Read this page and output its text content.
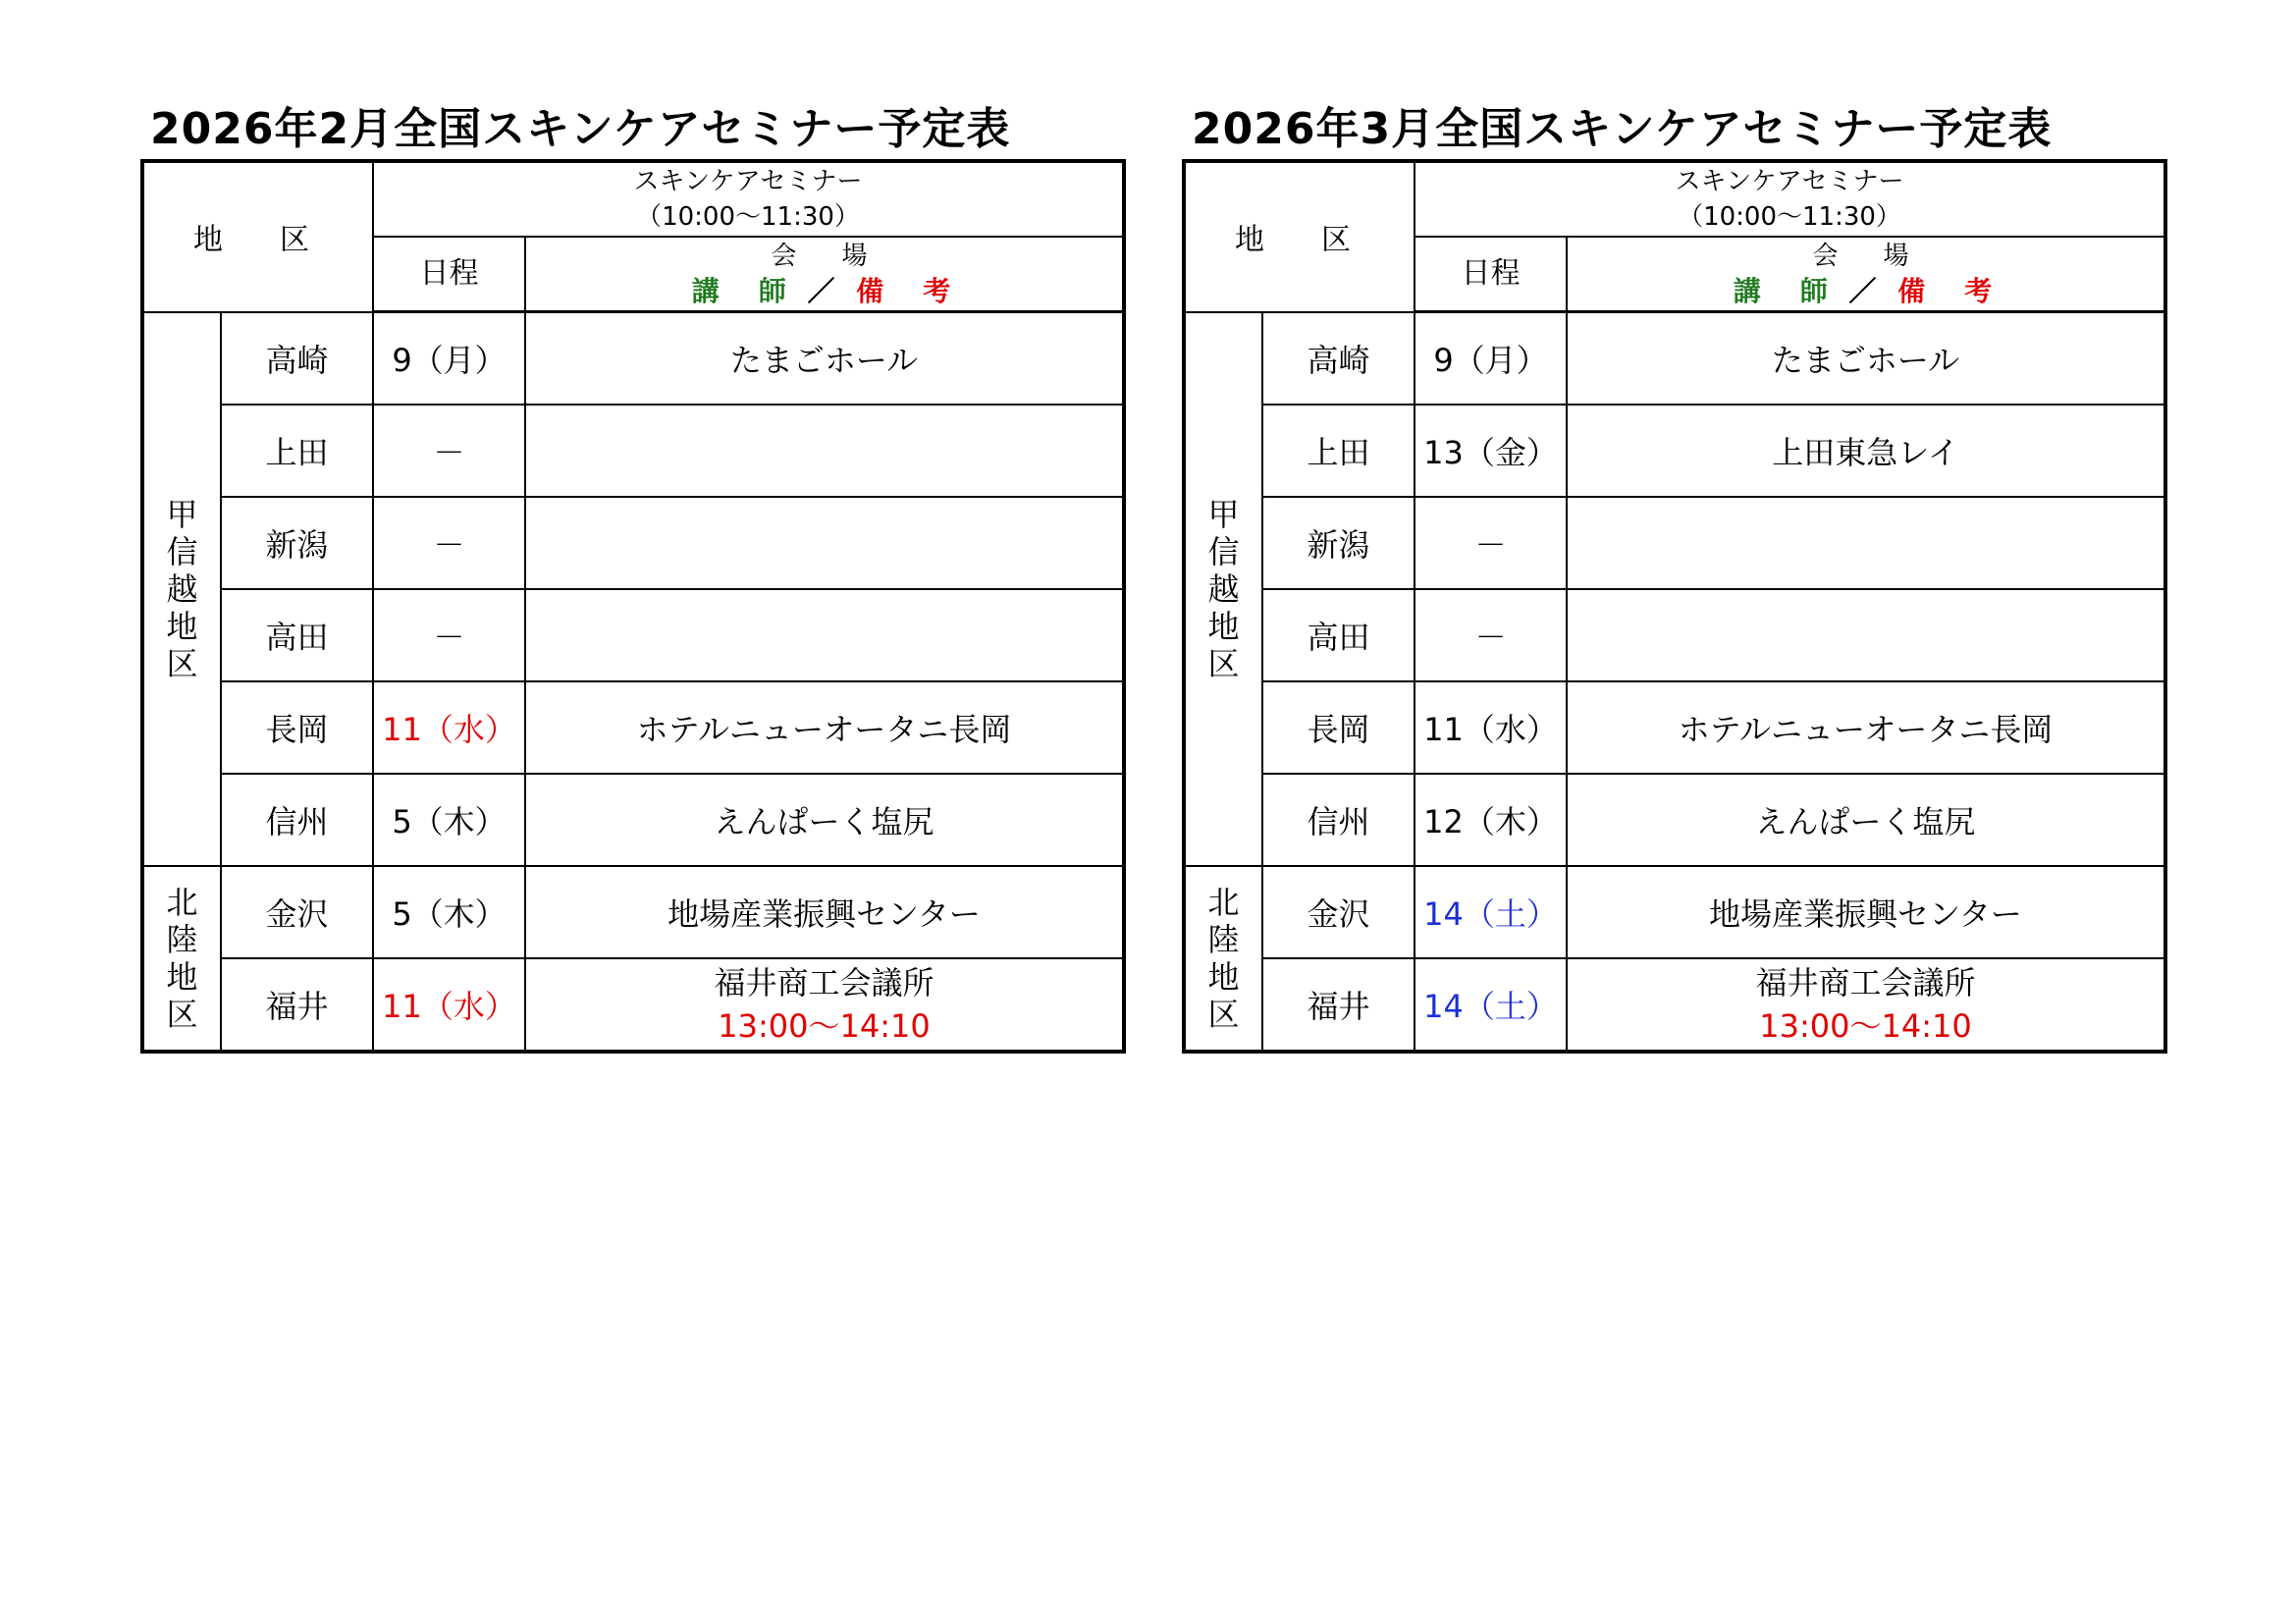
2026年2月全国スキンケアセミナー予定表
地　区		スキンケアセミナー
（10:00～11:30）	

		日程	会　場
講　師 ／ 備　考

甲
信
越
地
区	高崎	9（月）	たまごホール
	上田	－	
	新潟	－	
	高田	－	
	長岡	11（水）	ホテルニューオータニ長岡
	信州	5（木）	えんぱーく塩尻

北
陸
地
区	金沢	5（木）	地場産業振興センター
	福井	11（水）	福井商工会議所
13:00～14:10
2026年3月全国スキンケアセミナー予定表
地　区		スキンケアセミナー
（10:00～11:30）	

		日程	会　場
講　師 ／ 備　考

甲
信
越
地
区	高崎	9（月）	たまごホール
	上田	13（金）	上田東急レイ
	新潟	－	
	高田	－	
	長岡	11（水）	ホテルニューオータニ長岡
	信州	12（木）	えんぱーく塩尻

北
陸
地
区	金沢	14（土）	地場産業振興センター
	福井	14（土）	福井商工会議所
13:00～14:10
